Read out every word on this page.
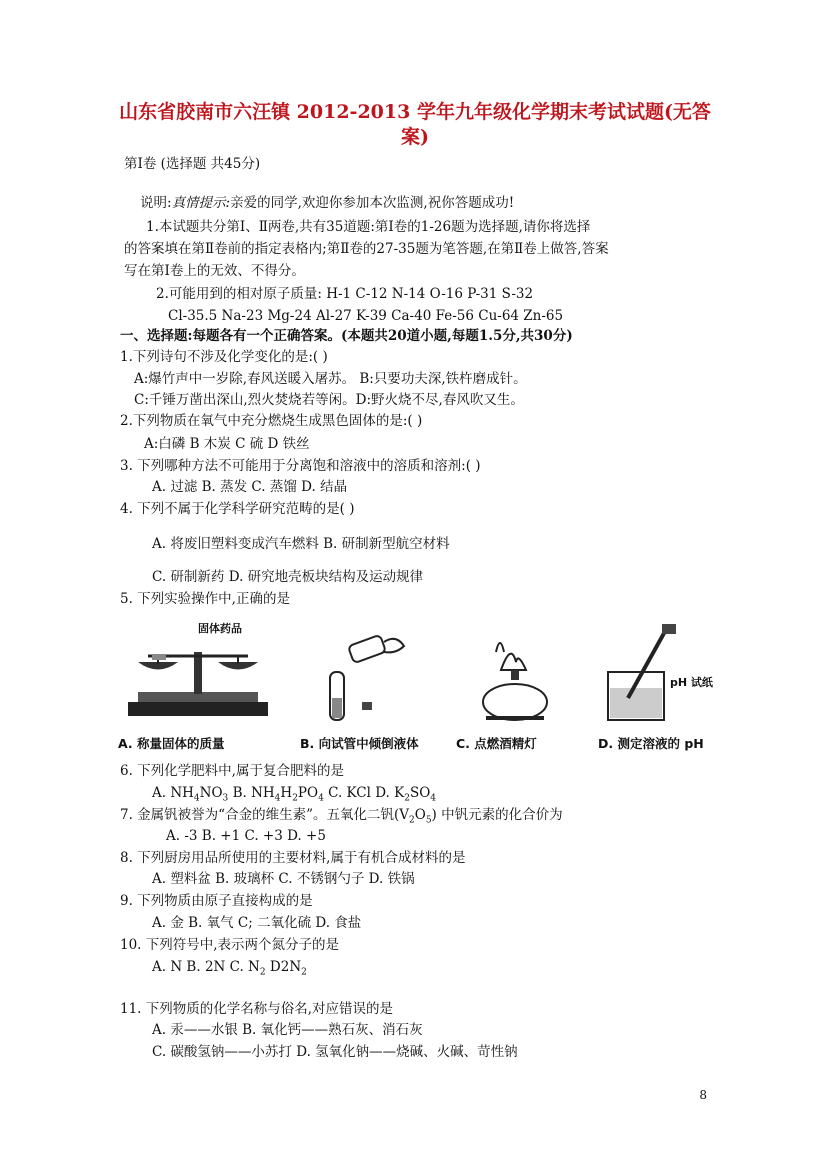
山东省胶南市六汪镇 2012-2013 学年九年级化学期末考试试题(无答
案)
第Ⅰ卷 (选择题 共45分)
说明:真情提示:亲爱的同学,欢迎你参加本次监测,祝你答题成功!
1.本试题共分第Ⅰ、Ⅱ两卷,共有35道题:第Ⅰ卷的1-26题为选择题,请你将选择
的答案填在第Ⅱ卷前的指定表格内;第Ⅱ卷的27-35题为笔答题,在第Ⅱ卷上做答,答案
写在第Ⅰ卷上的无效、不得分。
2.可能用到的相对原子质量: H-1 C-12 N-14 O-16 P-31 S-32
Cl-35.5 Na-23 Mg-24 Al-27 K-39 Ca-40 Fe-56 Cu-64 Zn-65
一、选择题:每题各有一个正确答案。(本题共20道小题,每题1.5分,共30分)
1.下列诗句不涉及化学变化的是:( )
A:爆竹声中一岁除,春风送暖入屠苏。 B:只要功夫深,铁杵磨成针。
C:千锤万凿出深山,烈火焚烧若等闲。D:野火烧不尽,春风吹又生。
2.下列物质在氧气中充分燃烧生成黑色固体的是:( )
A:白磷 B 木炭 C 硫 D 铁丝
3. 下列哪种方法不可能用于分离饱和溶液中的溶质和溶剂:( )
A. 过滤 B. 蒸发 C. 蒸馏 D. 结晶
4. 下列不属于化学科学研究范畴的是( )
A. 将废旧塑料变成汽车燃料 B. 研制新型航空材料
C. 研制新药 D. 研究地壳板块结构及运动规律
5. 下列实验操作中,正确的是
固体药品
A. 称量固体的质量	B. 向试管中倾倒液体	C. 点燃酒精灯
pH 试纸
D. 测定溶液的 pH
6. 下列化学肥料中,属于复合肥料的是
A. $NH_4NO_3$ B. $NH_4H_2PO_4$ C. KCl D. $K_2SO_4$
7. 金属钒被誉为“合金的维生素”。五氧化二钒$(V_2O_5)$ 中钒元素的化合价为
A. -3 B. +1 C. +3 D. +5
8. 下列厨房用品所使用的主要材料,属于有机合成材料的是
A. 塑料盆 B. 玻璃杯 C. 不锈钢勺子 D. 铁锅
9. 下列物质由原子直接构成的是
A. 金 B. 氧气 C; 二氧化硫 D. 食盐
10. 下列符号中,表示两个氮分子的是
A. N B. 2N C. $N_2$ $D2N_2$
11. 下列物质的化学名称与俗名,对应错误的是
A. 汞——水银 B. 氧化钙——熟石灰、消石灰
C. 碳酸氢钠——小苏打 D. 氢氧化钠——烧碱、火碱、苛性钠
8
